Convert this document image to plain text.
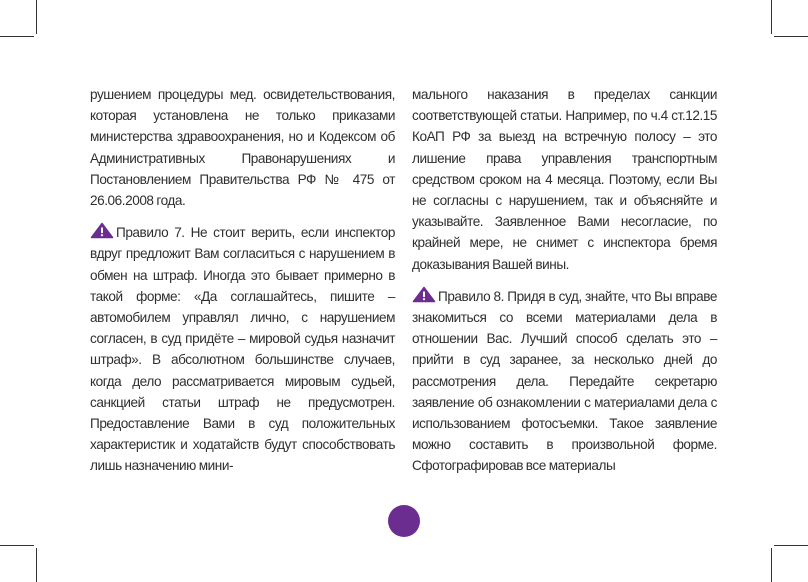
рушением процедуры мед. освидетельствования, которая установлена не только приказами министерства здравоохранения, но и Кодексом об Административных Правонарушениях и Постановлением Правительства РФ № 475 от 26.06.2008 года.

Правило 7. Не стоит верить, если инспектор вдруг предложит Вам согласиться с нарушением в обмен на штраф. Иногда это бывает примерно в такой форме: «Да соглашайтесь, пишите – автомобилем управлял лично, с нарушением согласен, в суд придёте – мировой судья назначит штраф». В абсолютном большинстве случаев, когда дело рассматривается мировым судьей, санкцией статьи штраф не предусмотрен. Предоставление Вами в суд положительных характеристик и ходатайств будут способствовать лишь назначению мини-

мального наказания в пределах санкции соответствующей статьи. Например, по ч.4 ст.12.15 КоАП РФ за выезд на встречную полосу – это лишение права управления транспортным средством сроком на 4 месяца. Поэтому, если Вы не согласны с нарушением, так и объясняйте и указывайте. Заявленное Вами несогласие, по крайней мере, не снимет с инспектора бремя доказывания Вашей вины.

Правило 8. Придя в суд, знайте, что Вы вправе знакомиться со всеми материалами дела в отношении Вас. Лучший способ сделать это – прийти в суд заранее, за несколько дней до рассмотрения дела. Передайте секретарю заявление об ознакомлении с материалами дела с использованием фотосъемки. Такое заявление можно составить в произвольной форме. Сфотографировав все материалы
